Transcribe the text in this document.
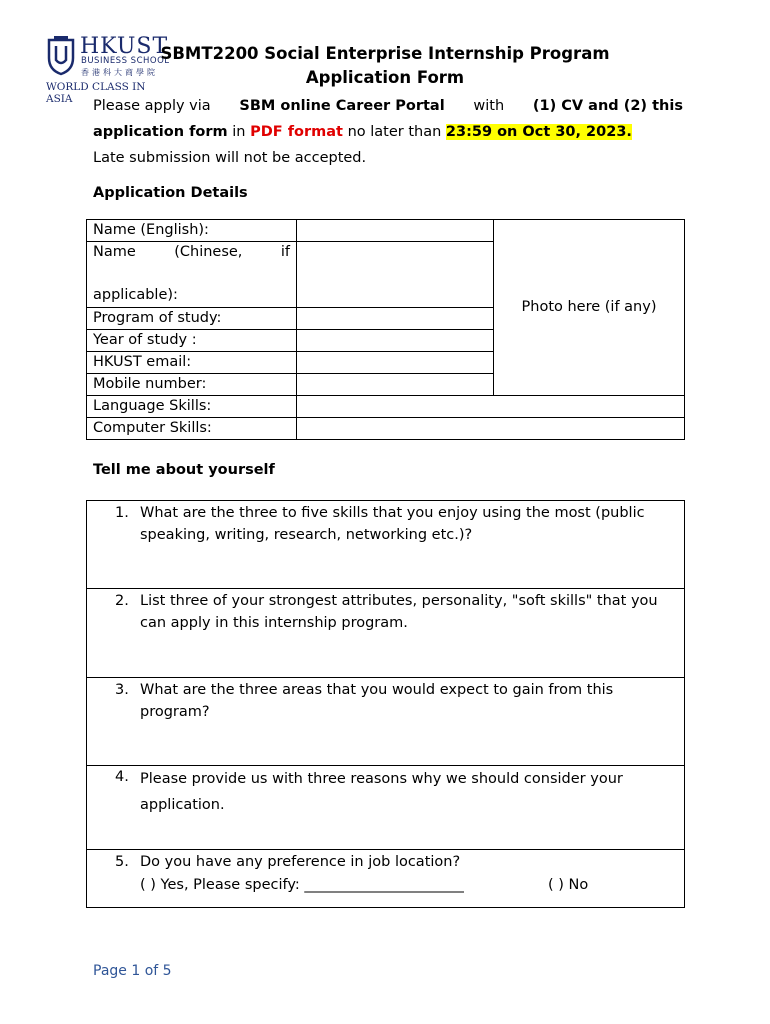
HKUST
BUSINESS SCHOOL
香港科大商學院
WORLD CLASS IN ASIA
SBMT2200 Social Enterprise Internship Program
Application Form
Please apply via SBM online Career Portal with (1) CV and (2) this
application form in PDF format no later than 23:59 on Oct 30, 2023.
Late submission will not be accepted.
Application Details
Name (English):		Photo here (if any)

Name (Chinese, if
applicable):		

Program of study:		
Year of study :		
HKUST email:		
Mobile number:		
Language Skills:		
Computer Skills:		
Tell me about yourself
1. What are the three to five skills that you enjoy using the most (public speaking, writing, research, networking etc.)?
2. List three of your strongest attributes, personality, "soft skills" that you can apply in this internship program.
3. What are the three areas that you would expect to gain from this program?
4. Please provide us with three reasons why we should consider your application.
5. Do you have any preference in job location?
( ) Yes, Please specify: ______________________	( ) No
Page 1 of 5
